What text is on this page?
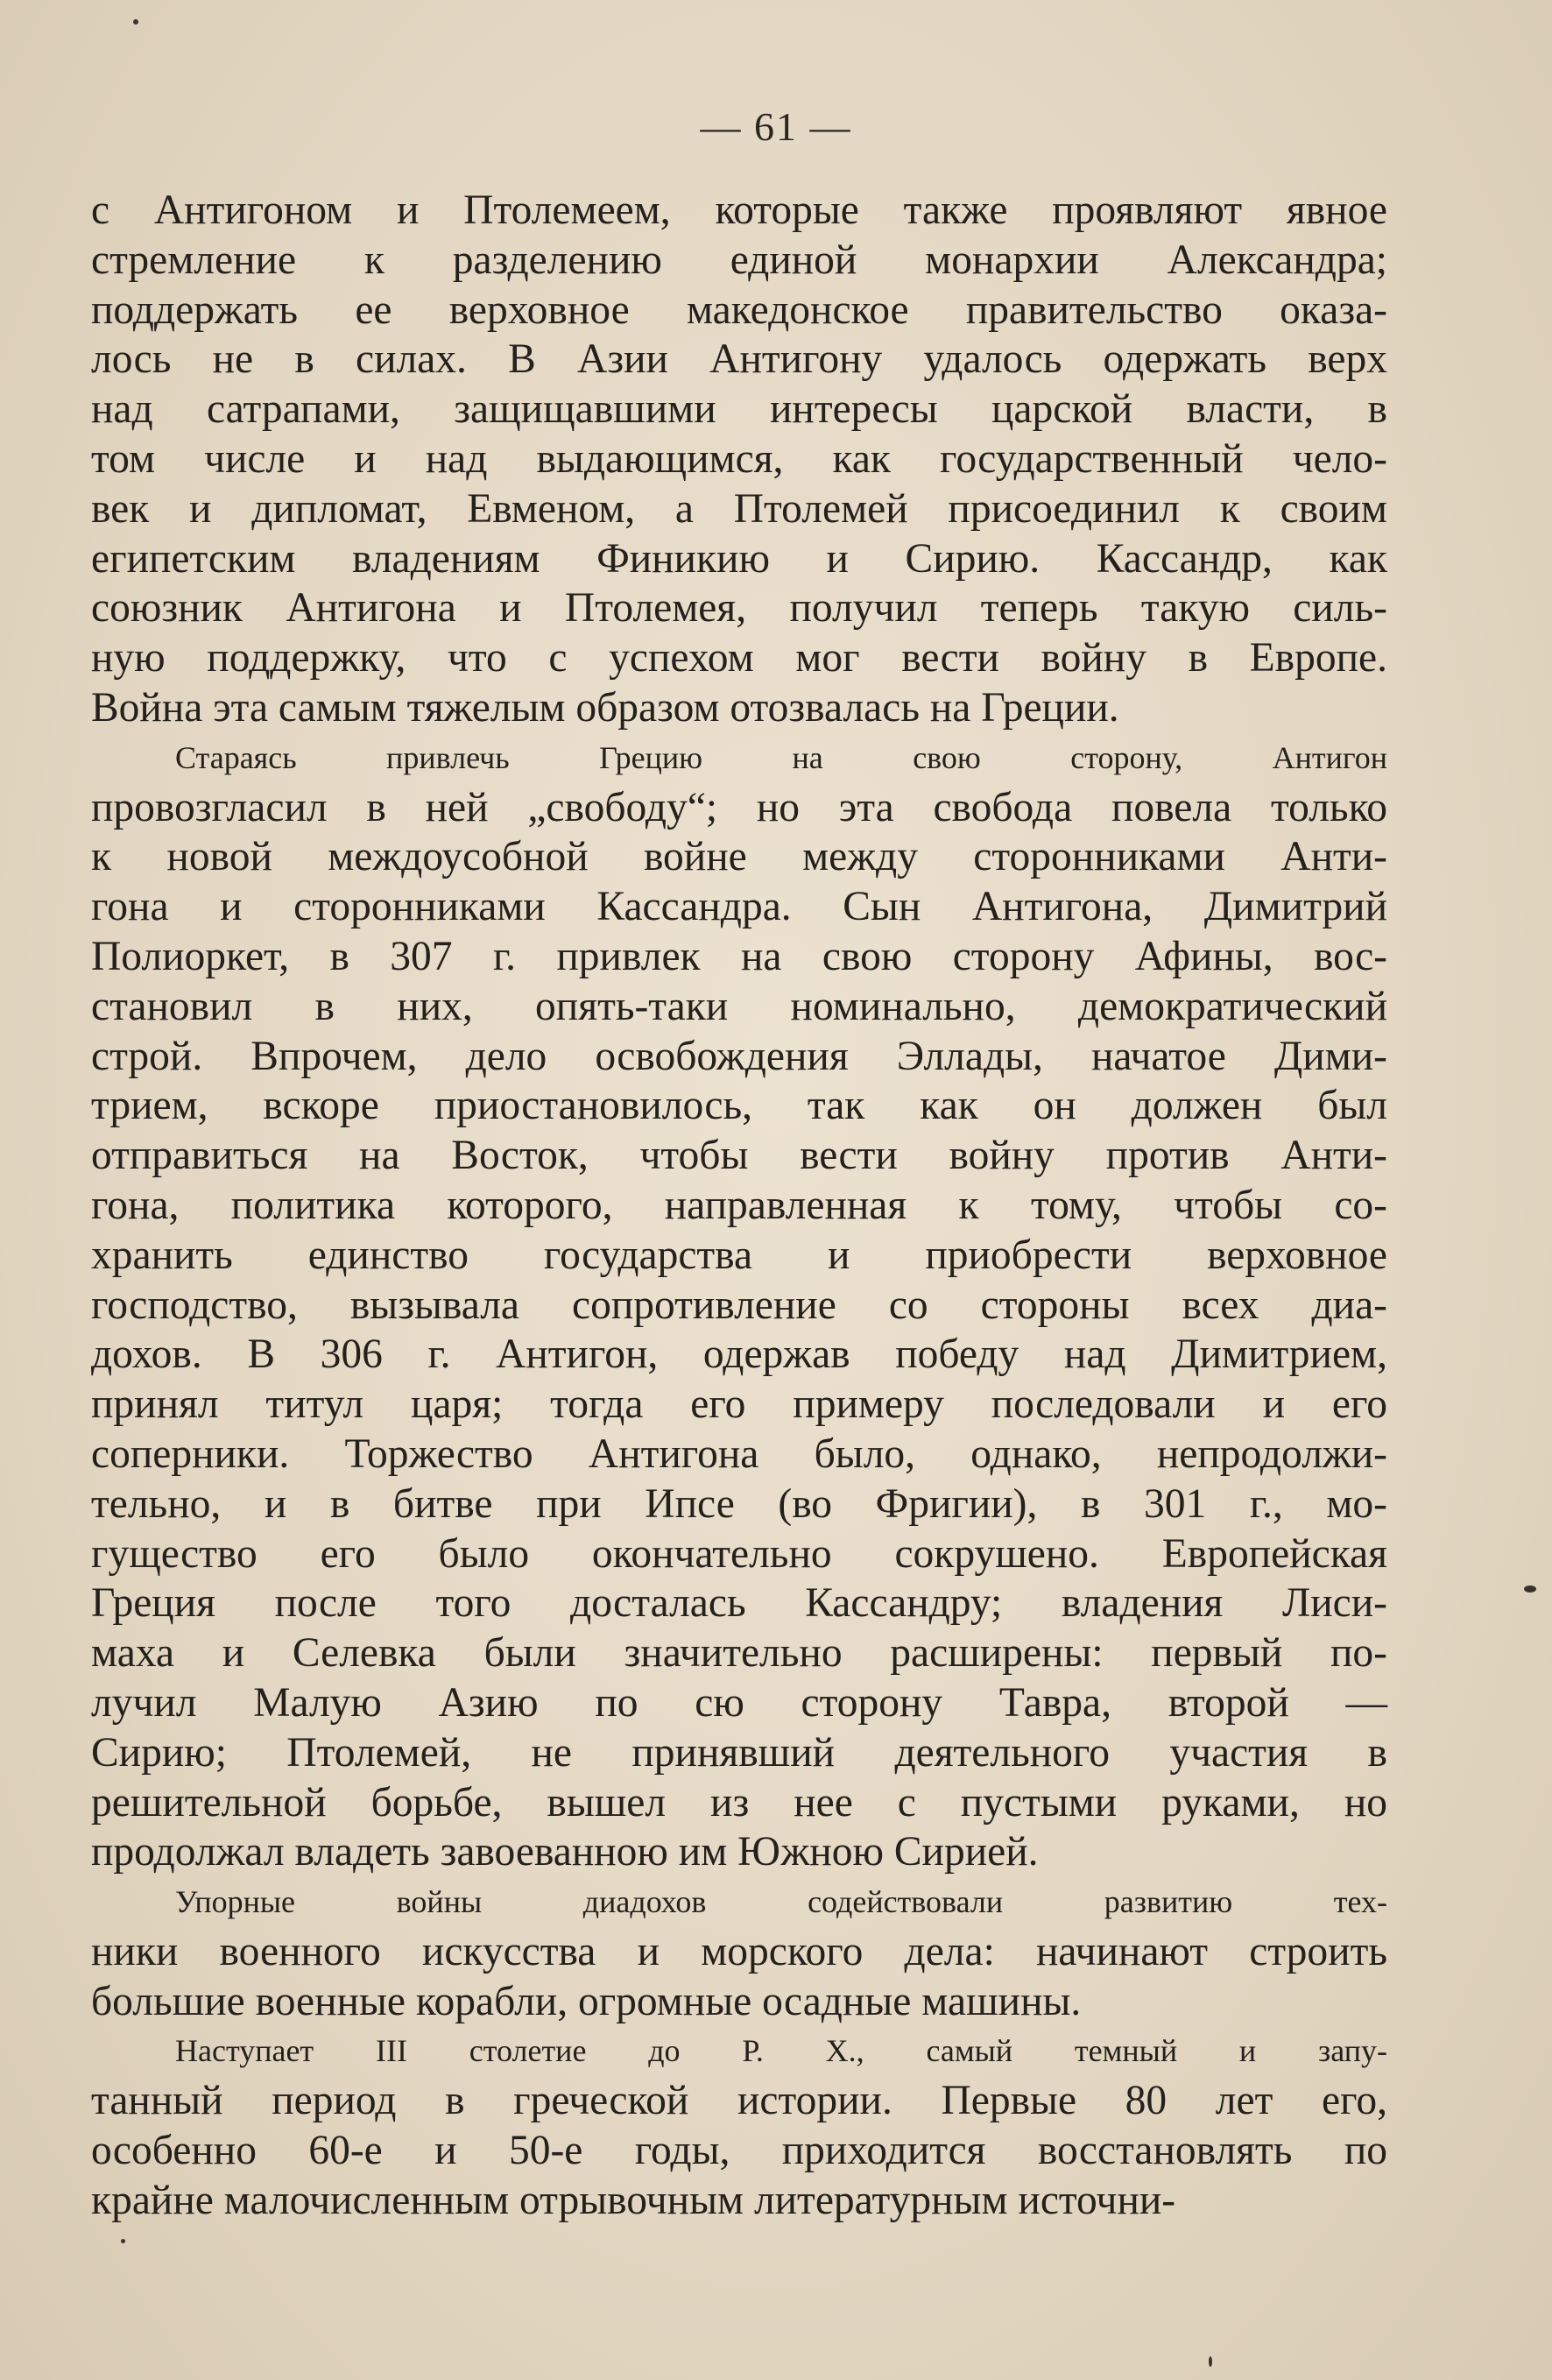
— 61 —
с Антигоном и Птолемеем, которые также проявляют явное
стремление к разделению единой монархии Александра;
поддержать ее верховное македонское правительство оказа-
лось не в силах. В Азии Антигону удалось одержать верх
над сатрапами, защищавшими интересы царской власти, в
том числе и над выдающимся, как государственный чело-
век и дипломат, Евменом, а Птолемей присоединил к своим
египетским владениям Финикию и Сирию. Кассандр, как
союзник Антигона и Птолемея, получил теперь такую силь-
ную поддержку, что с успехом мог вести войну в Европе.
Война эта самым тяжелым образом отозвалась на Греции.
Стараясь привлечь Грецию на свою сторону, Антигон
провозгласил в ней „свободу“; но эта свобода повела только
к новой междоусобной войне между сторонниками Анти-
гона и сторонниками Кассандра. Сын Антигона, Димитрий
Полиоркет, в 307 г. привлек на свою сторону Афины, вос-
становил в них, опять-таки номинально, демократический
строй. Впрочем, дело освобождения Эллады, начатое Дими-
трием, вскоре приостановилось, так как он должен был
отправиться на Восток, чтобы вести войну против Анти-
гона, политика которого, направленная к тому, чтобы со-
хранить единство государства и приобрести верховное
господство, вызывала сопротивление со стороны всех диа-
дохов. В 306 г. Антигон, одержав победу над Димитрием,
принял титул царя; тогда его примеру последовали и его
соперники. Торжество Антигона было, однако, непродолжи-
тельно, и в битве при Ипсе (во Фригии), в 301 г., мо-
гущество его было окончательно сокрушено. Европейская
Греция после того досталась Кассандру; владения Лиси-
маха и Селевка были значительно расширены: первый по-
лучил Малую Азию по сю сторону Тавра, второй —
Сирию; Птолемей, не принявший деятельного участия в
решительной борьбе, вышел из нее с пустыми руками, но
продолжал владеть завоеванною им Южною Сирией.
Упорные войны диадохов содействовали развитию тех-
ники военного искусства и морского дела: начинают строить
большие военные корабли, огромные осадные машины.
Наступает III столетие до Р. Х., самый темный и запу-
танный период в греческой истории. Первые 80 лет его,
особенно 60-е и 50-е годы, приходится восстановлять по
крайне малочисленным отрывочным литературным источни-
